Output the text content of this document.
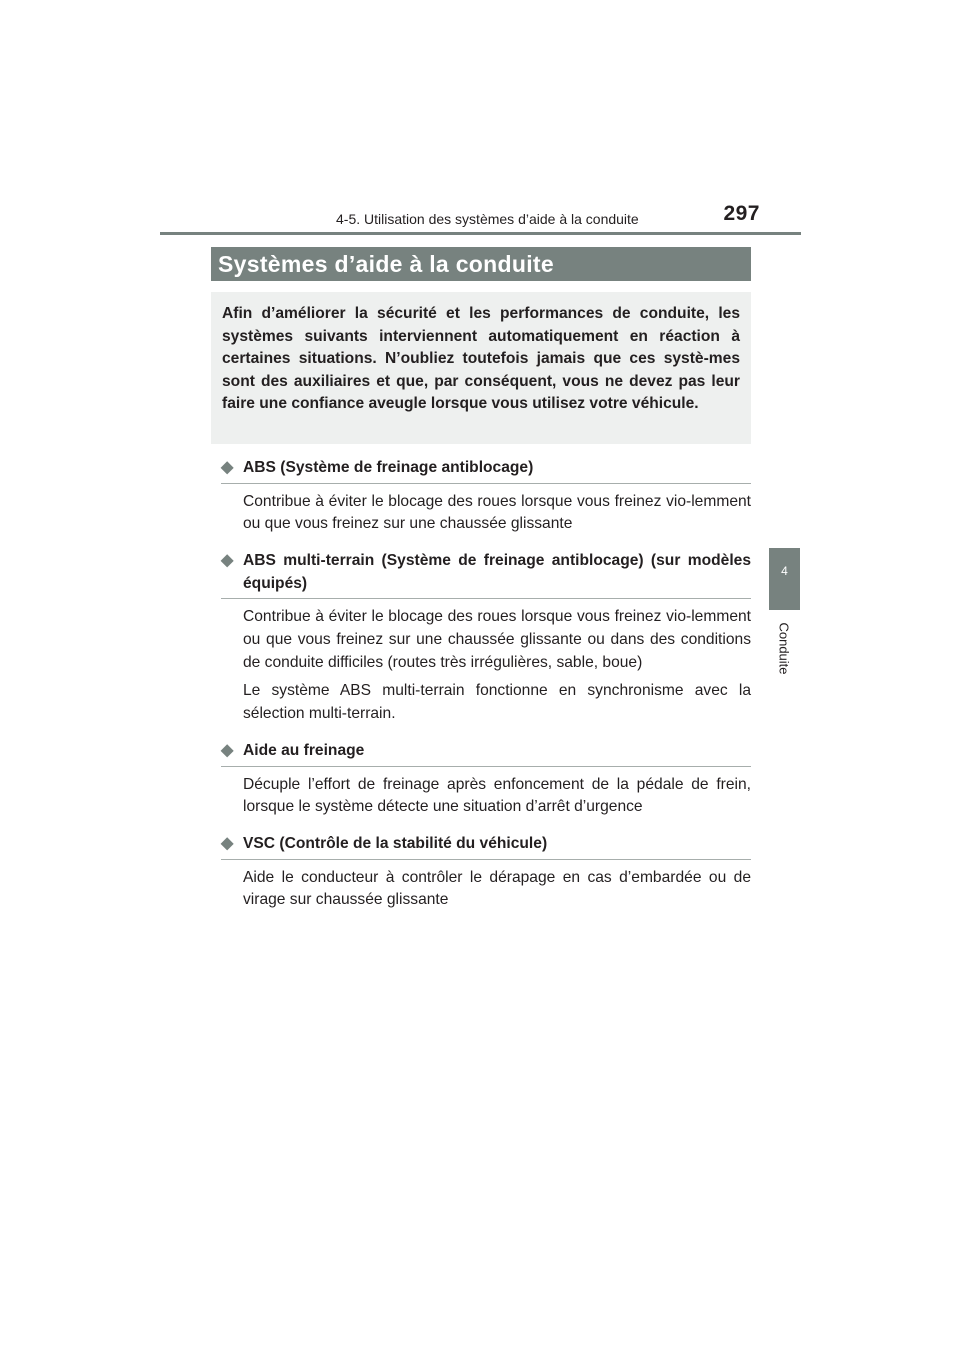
4-5. Utilisation des systèmes d’aide à la conduite	297
4
Conduite
Systèmes d’aide à la conduite
Afin d’améliorer la sécurité et les performances de conduite, les systèmes suivants interviennent automatiquement en réaction à certaines situations. N’oubliez toutefois jamais que ces systè-mes sont des auxiliaires et que, par conséquent, vous ne devez pas leur faire une confiance aveugle lorsque vous utilisez votre véhicule.
◆ ABS (Système de freinage antiblocage)

Contribue à éviter le blocage des roues lorsque vous freinez vio-lemment ou que vous freinez sur une chaussée glissante

◆ ABS multi-terrain (Système de freinage antiblocage) (sur modèles équipés)

Contribue à éviter le blocage des roues lorsque vous freinez vio-lemment ou que vous freinez sur une chaussée glissante ou dans des conditions de conduite difficiles (routes très irrégulières, sable, boue)

Le système ABS multi-terrain fonctionne en synchronisme avec la sélection multi-terrain.

◆ Aide au freinage

Décuple l’effort de freinage après enfoncement de la pédale de frein, lorsque le système détecte une situation d’arrêt d’urgence

◆ VSC (Contrôle de la stabilité du véhicule)

Aide le conducteur à contrôler le dérapage en cas d’embardée ou de virage sur chaussée glissante
